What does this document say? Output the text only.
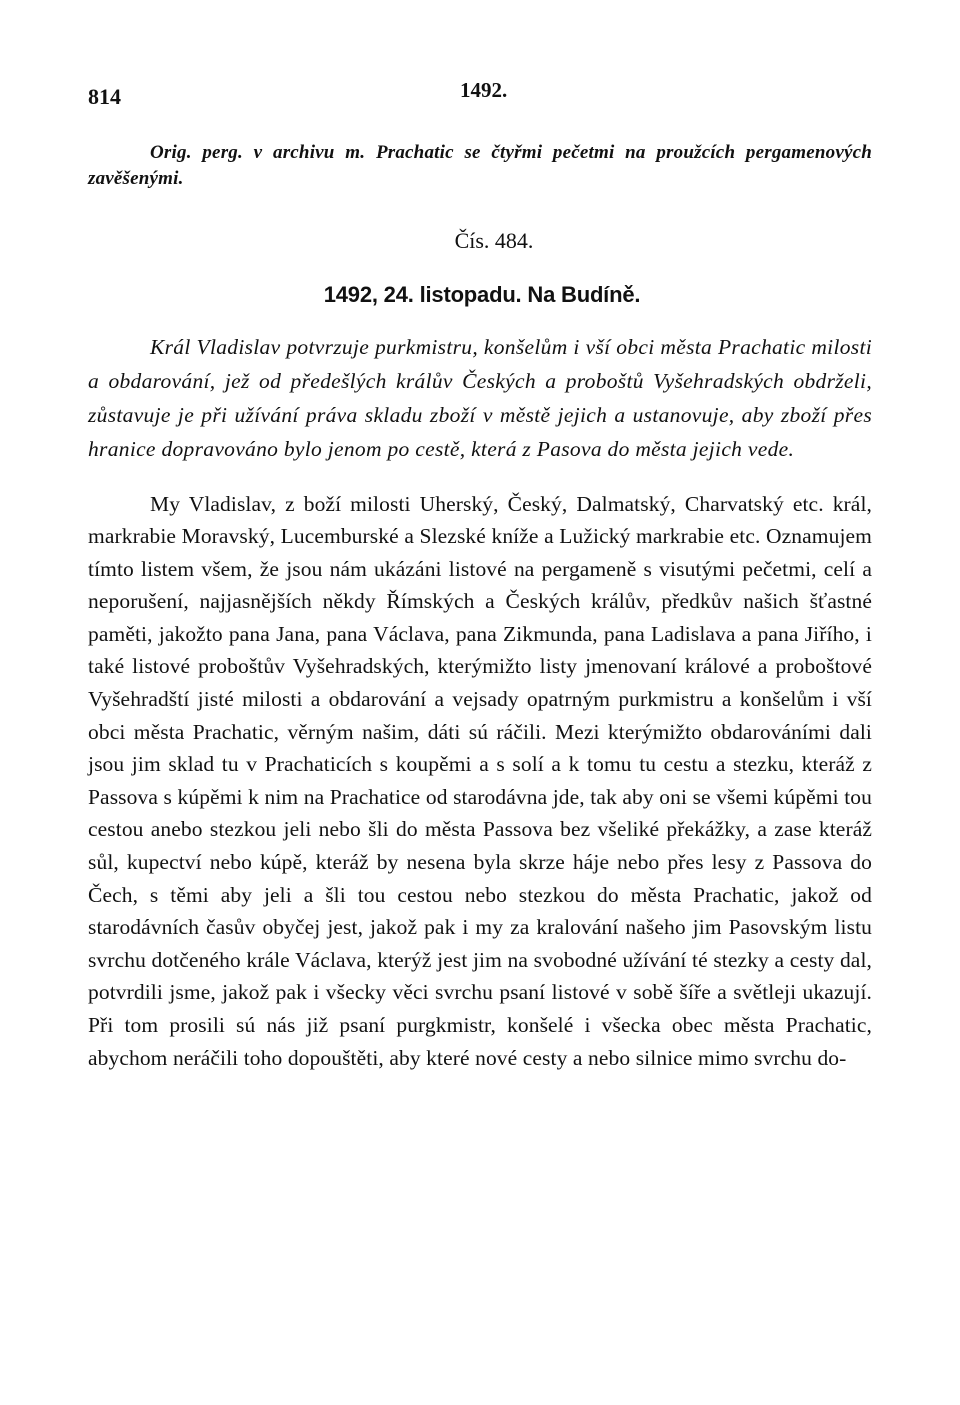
814	1492.

Orig. perg. v archivu m. Prachatic se čtyřmi pečetmi na proužcích pergamenových zavěšenými.

Čís. 484.
1492, 24. listopadu. Na Budíně.

Král Vladislav potvrzuje purkmistru, konšelům i vší obci města Prachatic milosti a obdarování, jež od předešlých králův Českých a proboštů Vyšehradských obdrželi, zůstavuje je při užívání práva skladu zboží v městě jejich a ustanovuje, aby zboží přes hranice dopravováno bylo jenom po cestě, která z Pasova do města jejich vede.

My Vladislav, z boží milosti Uherský, Český, Dalmatský, Charvatský etc. král, markrabie Moravský, Lucemburské a Slezské kníže a Lužický markrabie etc. Oznamujem tímto listem všem, že jsou nám ukázáni listové na pergameně s visutými pečetmi, celí a neporušení, najjasnějších někdy Římských a Českých králův, předkův našich šťastné paměti, jakožto pana Jana, pana Václava, pana Zikmunda, pana Ladislava a pana Jiřího, i také listové proboštův Vyšehradských, kterýmižto listy jmenovaní králové a proboštové Vyšehradští jisté milosti a obdarování a vejsady opatrným purkmistru a konšelům i vší obci města Prachatic, věrným našim, dáti sú ráčili. Mezi kterýmižto obdarováními dali jsou jim sklad tu v Prachaticích s koupěmi a s solí a k tomu tu cestu a stezku, kteráž z Passova s kúpěmi k nim na Prachatice od starodávna jde, tak aby oni se všemi kúpěmi tou cestou anebo stezkou jeli nebo šli do města Passova bez všeliké překážky, a zase kteráž sůl, kupectví nebo kúpě, kteráž by nesena byla skrze háje nebo přes lesy z Passova do Čech, s těmi aby jeli a šli tou cestou nebo stezkou do města Prachatic, jakož od starodávních časův obyčej jest, jakož pak i my za kralování našeho jim Pasovským listu svrchu dotčeného krále Václava, kterýž jest jim na svobodné užívání té stezky a cesty dal, potvrdili jsme, jakož pak i všecky věci svrchu psaní listové v sobě šíře a světleji ukazují. Při tom prosili sú nás již psaní purgkmistr, konšelé i všecka obec města Prachatic, abychom neráčili toho dopouštěti, aby které nové cesty a nebo silnice mimo svrchu do-
